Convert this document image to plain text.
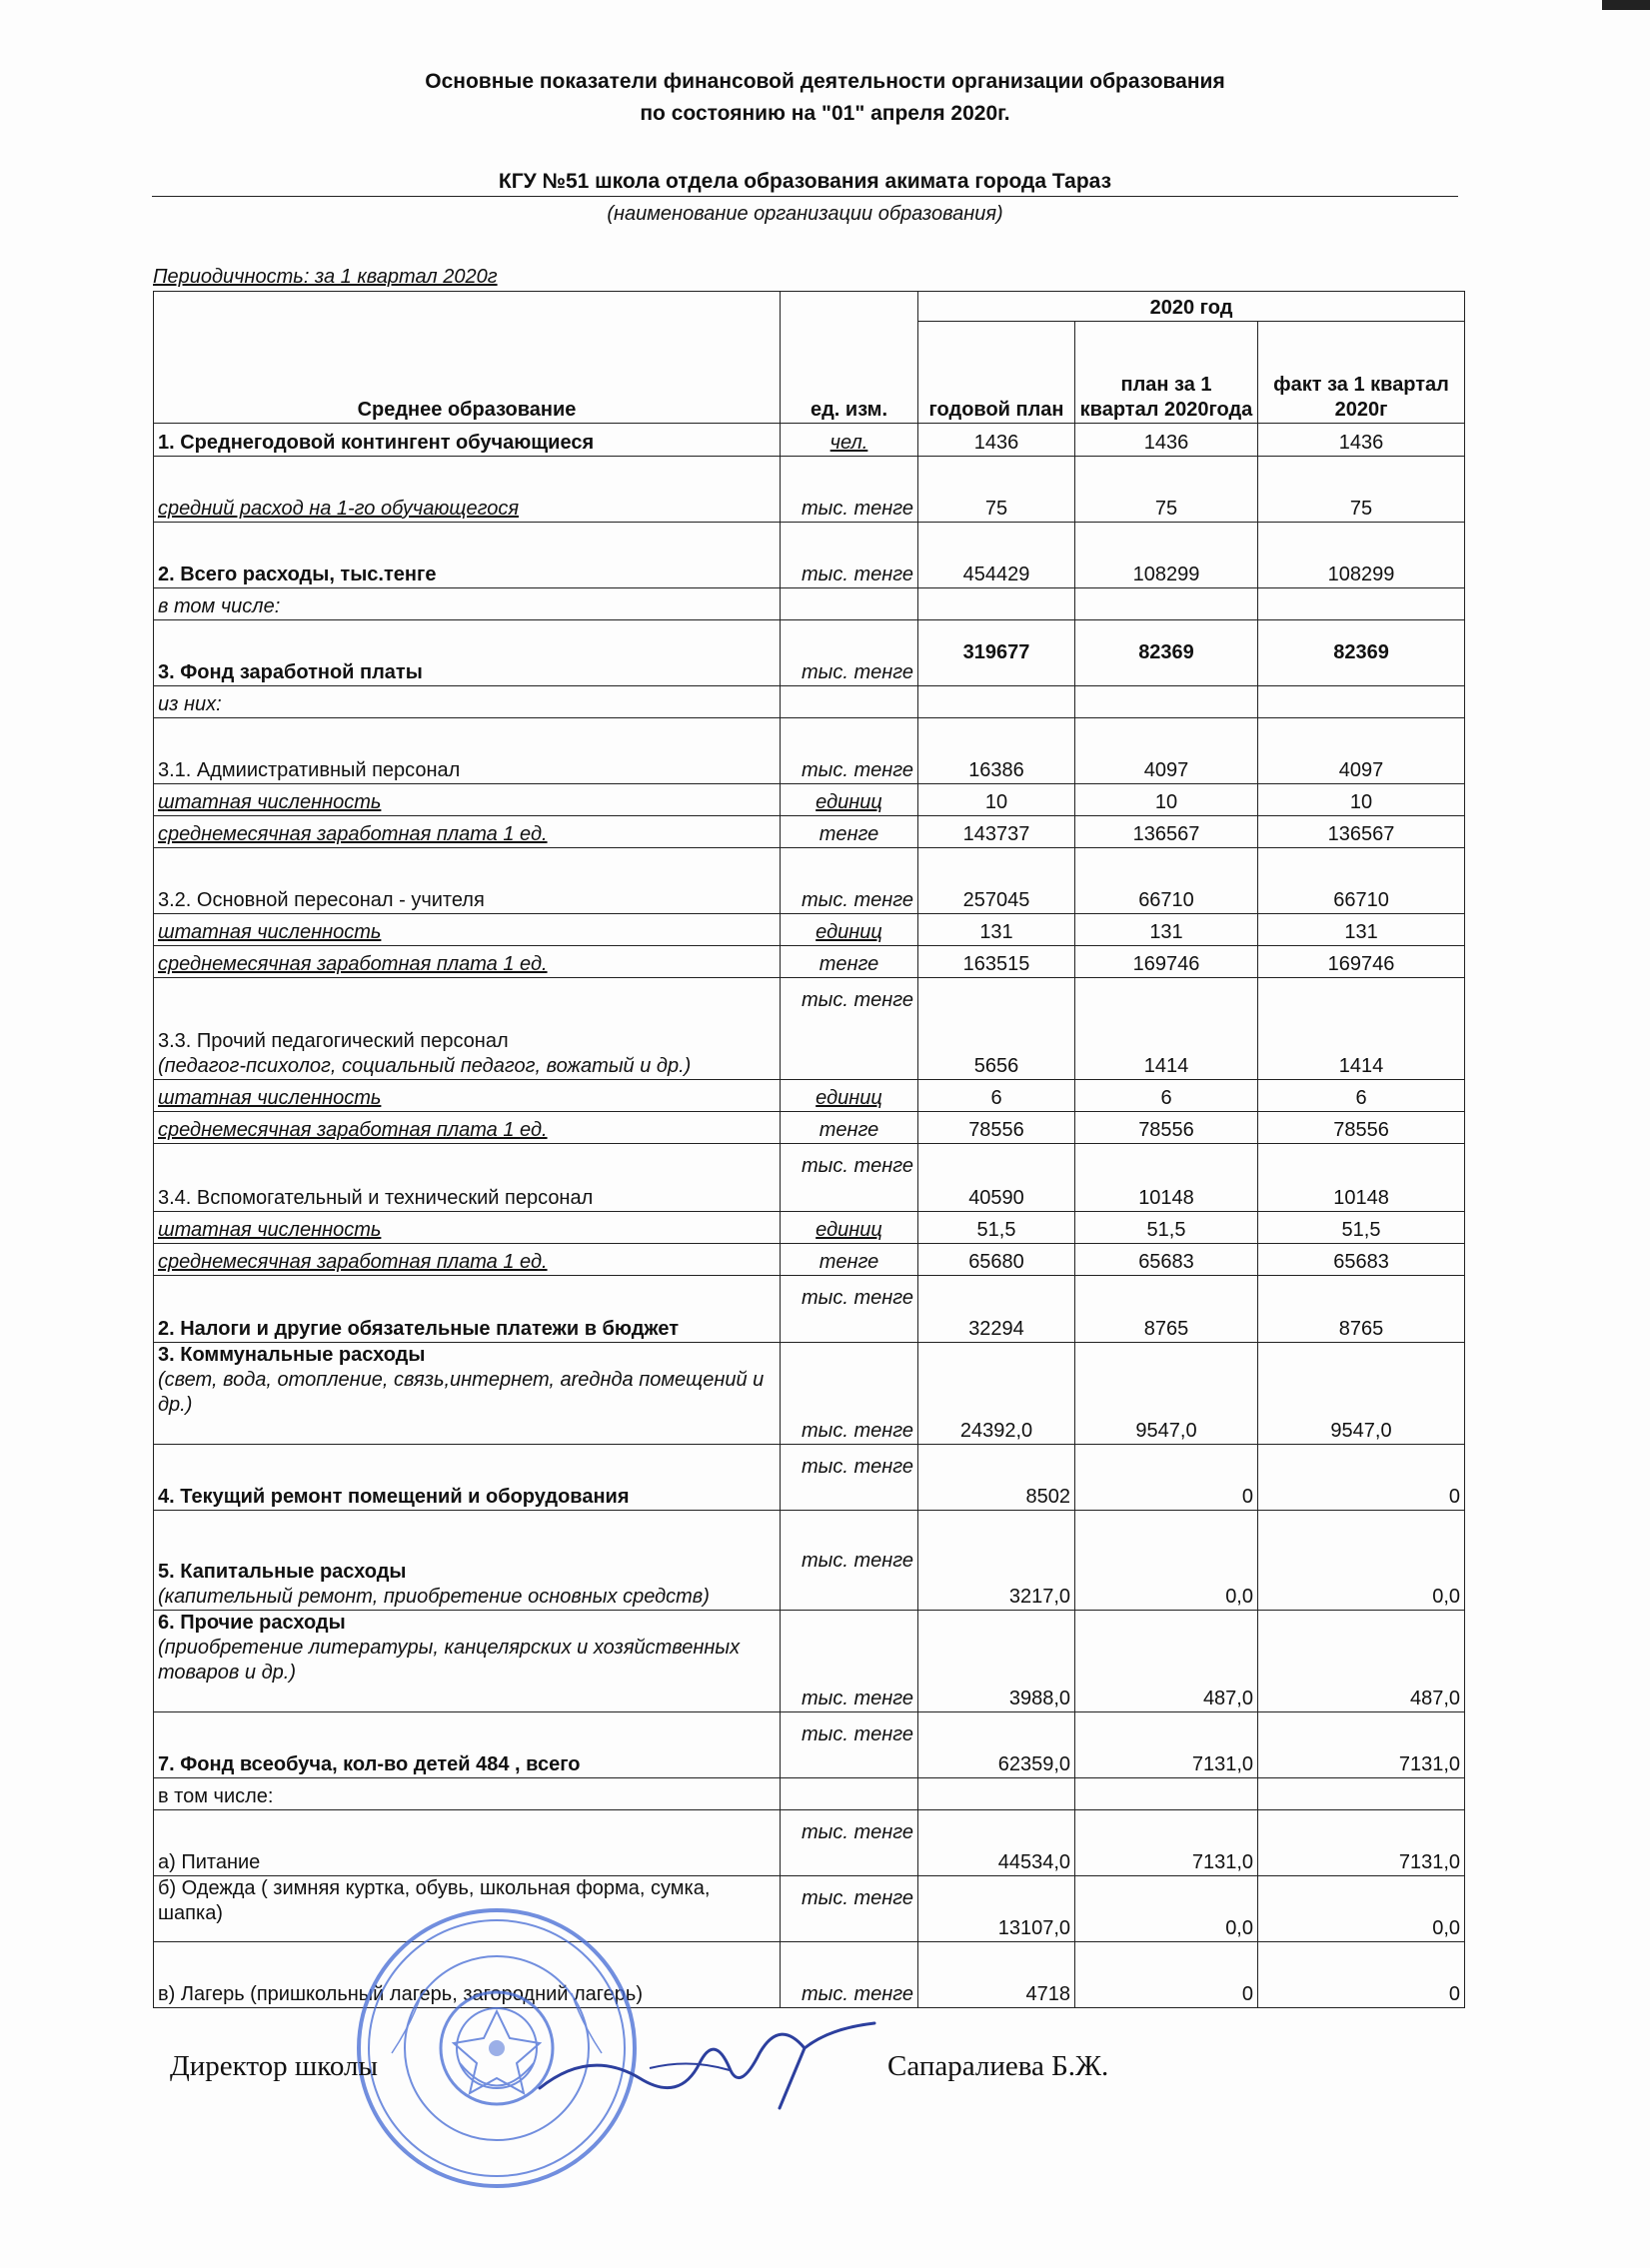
Основные показатели финансовой деятельности организации образования
по состоянию на "01" апреля 2020г.
КГУ №51 школа отдела образования акимата города Тараз
(наименование организации образования)
Периодичность: за 1 квартал 2020г
Среднее образование	ед. изм.	2020 год		
		годовой план	план за 1 квартал 2020года	факт за 1 квартал 2020г
1. Среднегодовой контингент обучающиеся	чел.	1436	1436	1436
средний расход на 1-го обучающегося	тыс. тенге	75	75	75
2. Всего расходы, тыс.тенге	тыс. тенге	454429	108299	108299
в том числе:				
3. Фонд заработной платы	тыс. тенге	319677	82369	82369
из них:				
3.1. Адмиистративный персонал	тыс. тенге	16386	4097	4097
штатная численность	единиц	10	10	10
среднемесячная заработная плата 1 ед.	тенге	143737	136567	136567
3.2. Основной пересонал - учителя	тыс. тенге	257045	66710	66710
штатная численность	единиц	131	131	131
среднемесячная заработная плата 1 ед.	тенге	163515	169746	169746
3.3. Прочий педагогический персонал
(педагог-психолог, социальный педагог, вожатый и др.)	тыс. тенге	5656	1414	1414
штатная численность	единиц	6	6	6
среднемесячная заработная плата 1 ед.	тенге	78556	78556	78556
3.4. Вспомогательный и технический персонал	тыс. тенге	40590	10148	10148
штатная численность	единиц	51,5	51,5	51,5
среднемесячная заработная плата 1 ед.	тенге	65680	65683	65683
2. Налоги и другие обязательные платежи в бюджет	тыс. тенге	32294	8765	8765
3. Коммунальные расходы
(свет, вода, отопление, связь,интернет, areднда помещений и др.)	тыс. тенге	24392,0	9547,0	9547,0
4. Текущий ремонт помещений и оборудования	тыс. тенге	8502	0	0
5. Капитальные расходы
(капительный ремонт, приобретение основных средств)	тыс. тенге	3217,0	0,0	0,0
6. Прочие расходы
(приобретение литературы, канцелярских и хозяйственных товаров и др.)	тыс. тенге	3988,0	487,0	487,0
7. Фонд всеобуча, кол-во детей 484 , всего	тыс. тенге	62359,0	7131,0	7131,0
в том числе:				
а) Питание	тыс. тенге	44534,0	7131,0	7131,0
б) Одежда ( зимняя куртка, обувь, школьная форма, сумка, шапка)	тыс. тенге	13107,0	0,0	0,0
в) Лагерь (пришкольный лагерь, загородний лагерь)	тыс. тенге	4718	0	0
Директор школы	Сапаралиева Б.Ж.
